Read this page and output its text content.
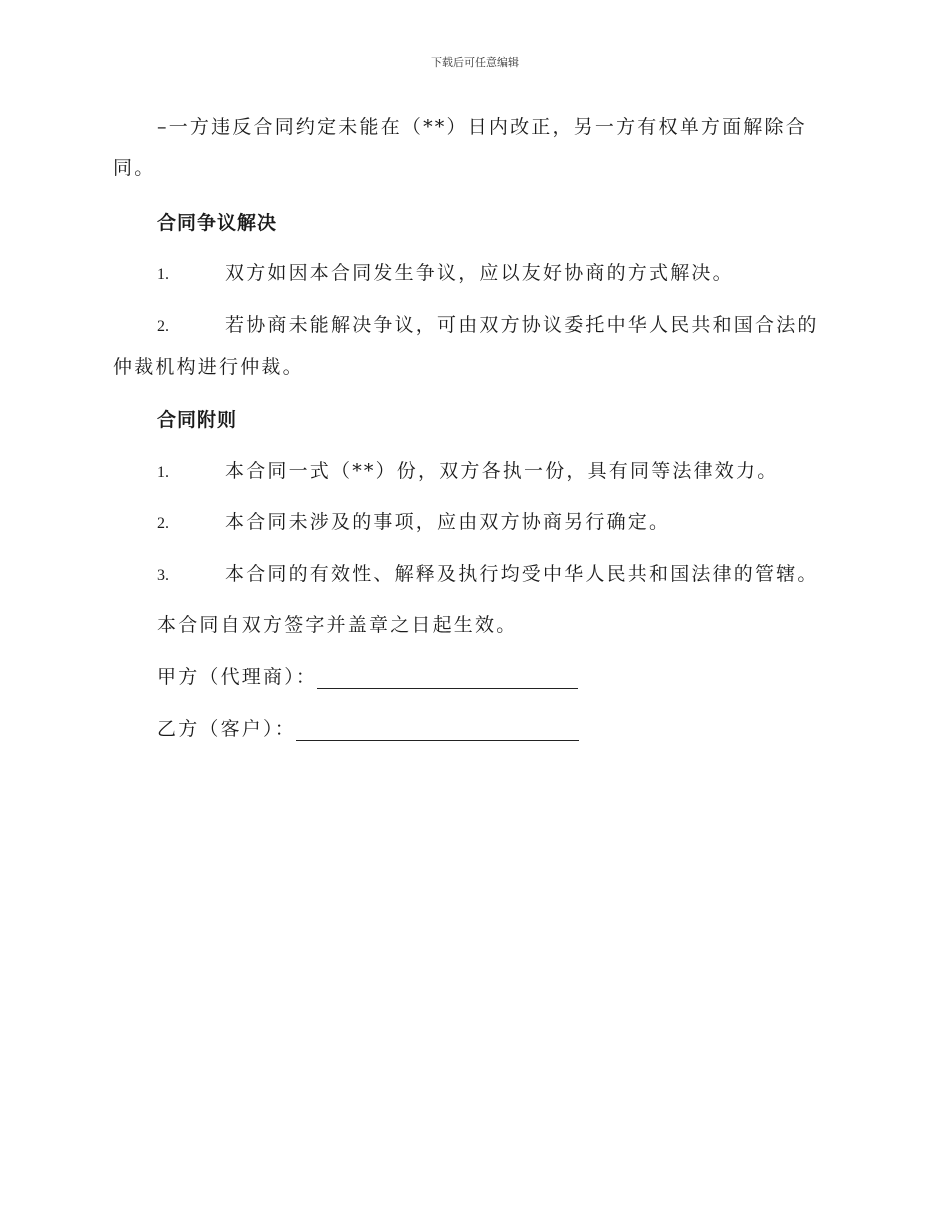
下载后可任意编辑

–一方违反合同约定未能在（**）日内改正，另一方有权单方面解除合
同。

合同争议解决

1.	双方如因本合同发生争议，应以友好协商的方式解决。

2.	若协商未能解决争议，可由双方协议委托中华人民共和国合法的
仲裁机构进行仲裁。

合同附则

1.	本合同一式（**）份，双方各执一份，具有同等法律效力。

2.	本合同未涉及的事项，应由双方协商另行确定。

3.	本合同的有效性、解释及执行均受中华人民共和国法律的管辖。

本合同自双方签字并盖章之日起生效。

甲方（代理商）：
乙方（客户）：
